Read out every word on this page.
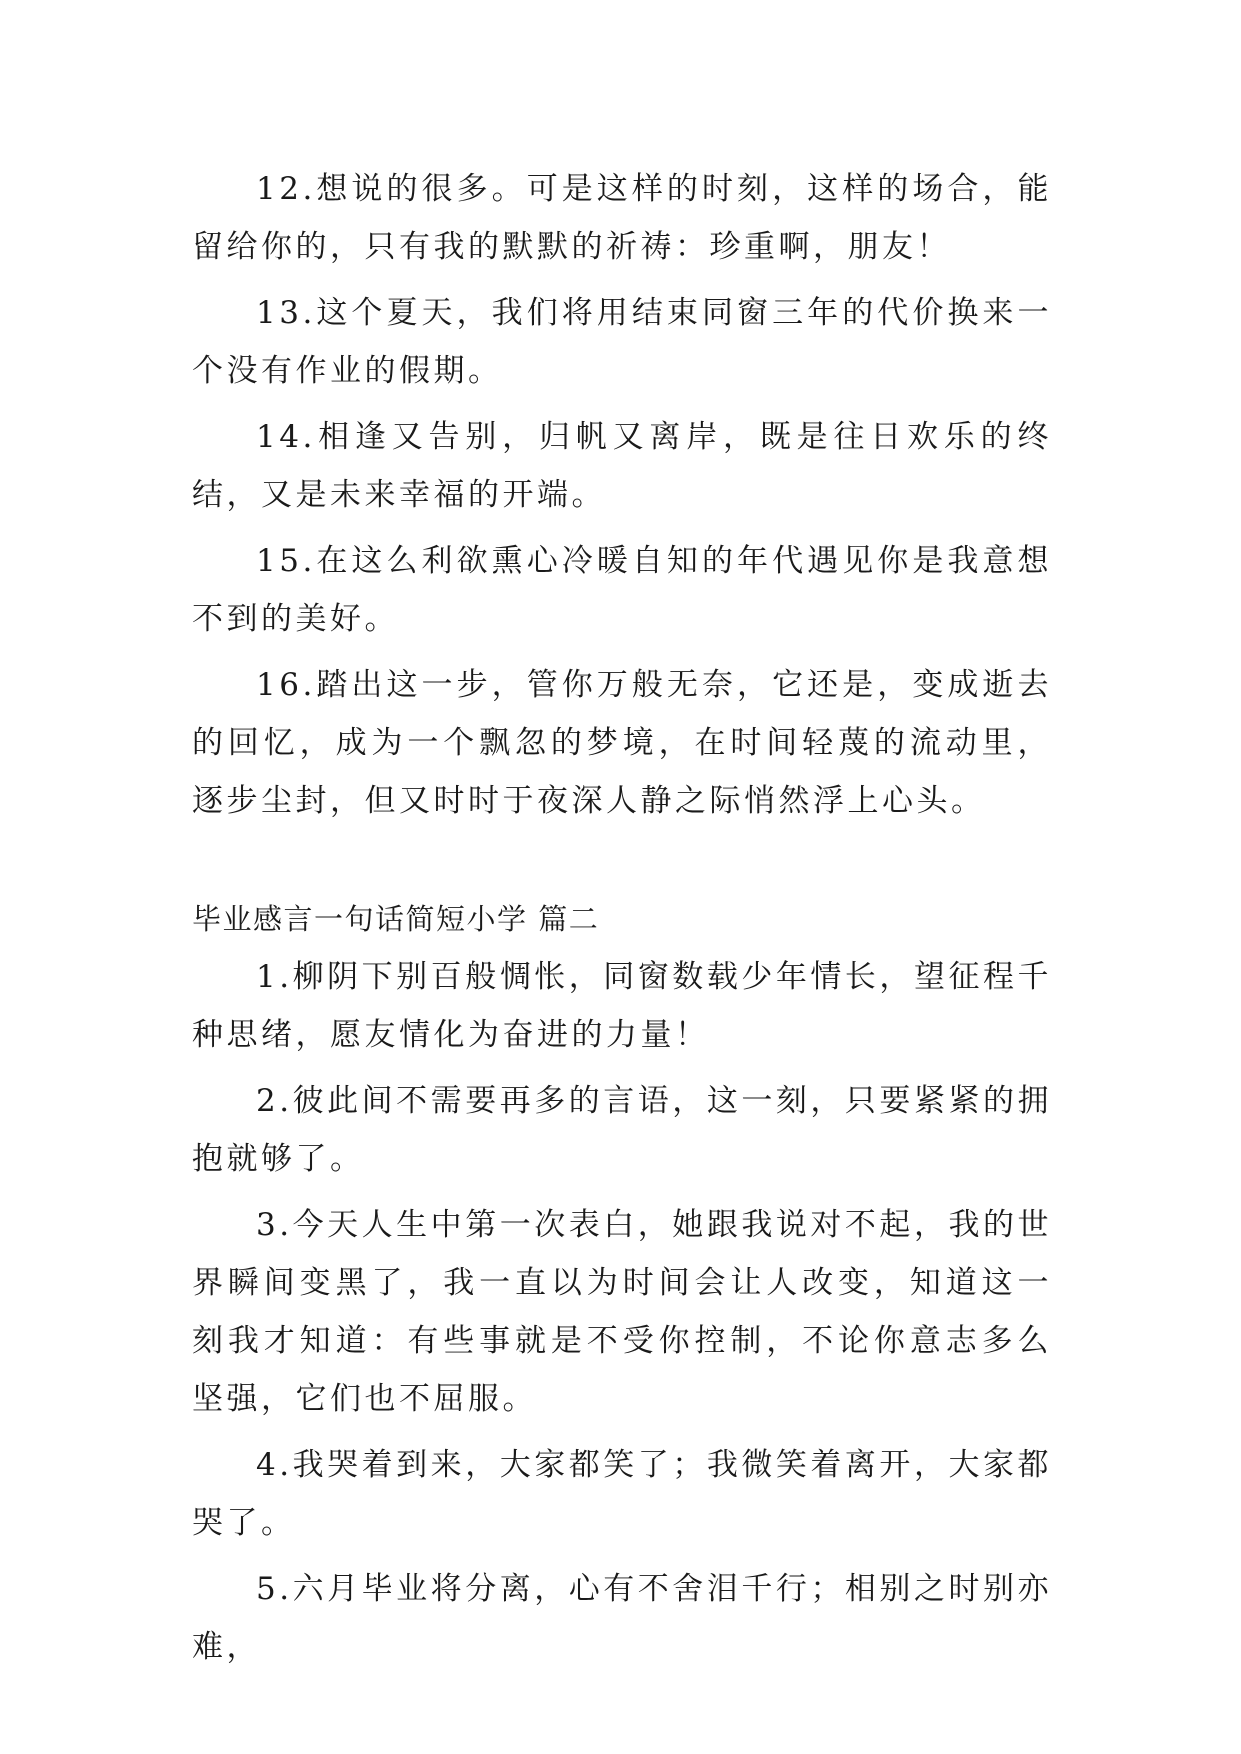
12.想说的很多。可是这样的时刻，这样的场合，能留给你的，只有我的默默的祈祷：珍重啊，朋友！

13.这个夏天，我们将用结束同窗三年的代价换来一个没有作业的假期。

14.相逢又告别，归帆又离岸，既是往日欢乐的终结，又是未来幸福的开端。

15.在这么利欲熏心冷暖自知的年代遇见你是我意想不到的美好。

16.踏出这一步，管你万般无奈，它还是，变成逝去的回忆，成为一个飘忽的梦境，在时间轻蔑的流动里，逐步尘封，但又时时于夜深人静之际悄然浮上心头。

毕业感言一句话简短小学 篇二

1.柳阴下别百般惆怅，同窗数载少年情长，望征程千种思绪，愿友情化为奋进的力量！

2.彼此间不需要再多的言语，这一刻，只要紧紧的拥抱就够了。

3.今天人生中第一次表白，她跟我说对不起，我的世界瞬间变黑了，我一直以为时间会让人改变，知道这一刻我才知道：有些事就是不受你控制，不论你意志多么坚强，它们也不屈服。

4.我哭着到来，大家都笑了；我微笑着离开，大家都哭了。

5.六月毕业将分离，心有不舍泪千行；相别之时别亦难，
